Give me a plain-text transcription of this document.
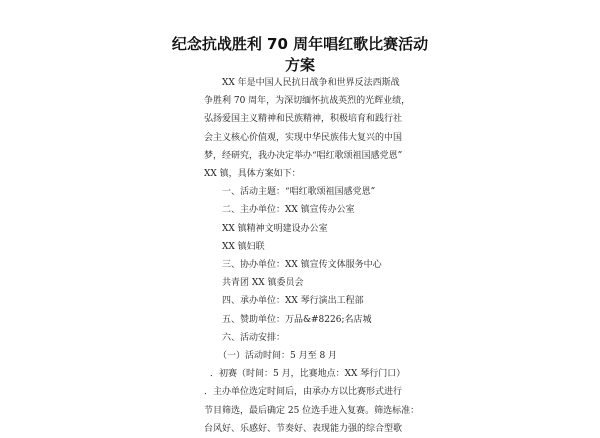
纪念抗战胜利 70 周年唱红歌比赛活动
方案
XX 年是中国人民抗日战争和世界反法西斯战
争胜利 70 周年，为深切缅怀抗战英烈的光辉业绩，
弘扬爱国主义精神和民族精神，积极培育和践行社
会主义核心价值观，实现中华民族伟大复兴的中国
梦，经研究，我办决定举办“唱红歌颂祖国感党恩”
XX 镇，具体方案如下：
一、活动主题：“唱红歌颂祖国感党恩”
二、主办单位：XX 镇宣传办公室
XX 镇精神文明建设办公室
XX 镇妇联
三、协办单位：XX 镇宣传文体服务中心
共青团 XX 镇委员会
四、承办单位：XX 琴行演出工程部
五、赞助单位：万品&#8226;名店城
六、活动安排：
（一）活动时间：5 月至 8 月
．初赛（时间：5 月，比赛地点：XX 琴行门口）
．主办单位选定时间后，由承办方以比赛形式进行
节目筛选，最后确定 25 位选手进入复赛。筛选标准：
台风好、乐感好、节奏好、表现能力强的综合型歌
